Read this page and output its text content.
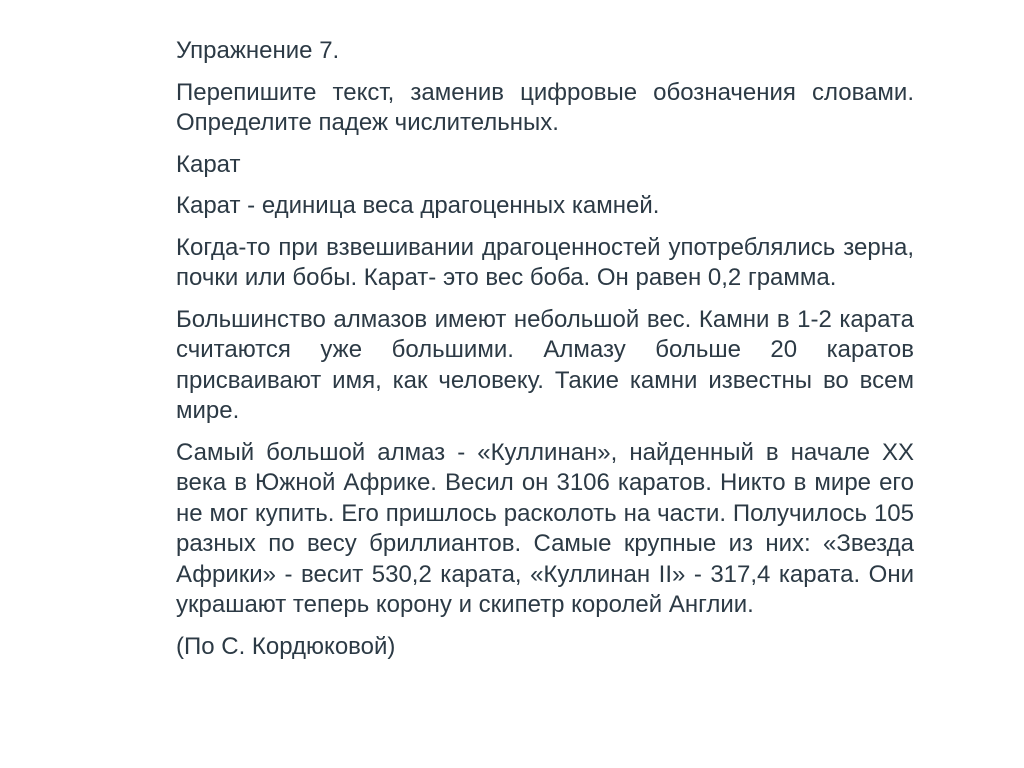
Упражнение 7.

Перепишите текст, заменив цифровые обозначения словами. Определите падеж числительных.

Карат

Карат - единица веса драгоценных камней.

Когда-то при взвешивании драгоценностей употреблялись зерна, почки или бобы. Карат- это вес боба. Он равен 0,2 грамма.

Большинство алмазов имеют небольшой вес. Камни в 1-2 карата считаются уже большими. Алмазу больше 20 каратов присваивают имя, как человеку. Такие камни известны во всем мире.

Самый большой алмаз - «Куллинан», найденный в начале XX века в Южной Африке. Весил он 3106 каратов. Никто в мире его не мог купить. Его пришлось расколоть на части. Получилось 105 разных по весу бриллиантов. Самые крупные из них: «Звезда Африки» - весит 530,2 карата, «Куллинан II» - 317,4 карата. Они украшают теперь корону и скипетр королей Англии.

(По С. Кордюковой)
